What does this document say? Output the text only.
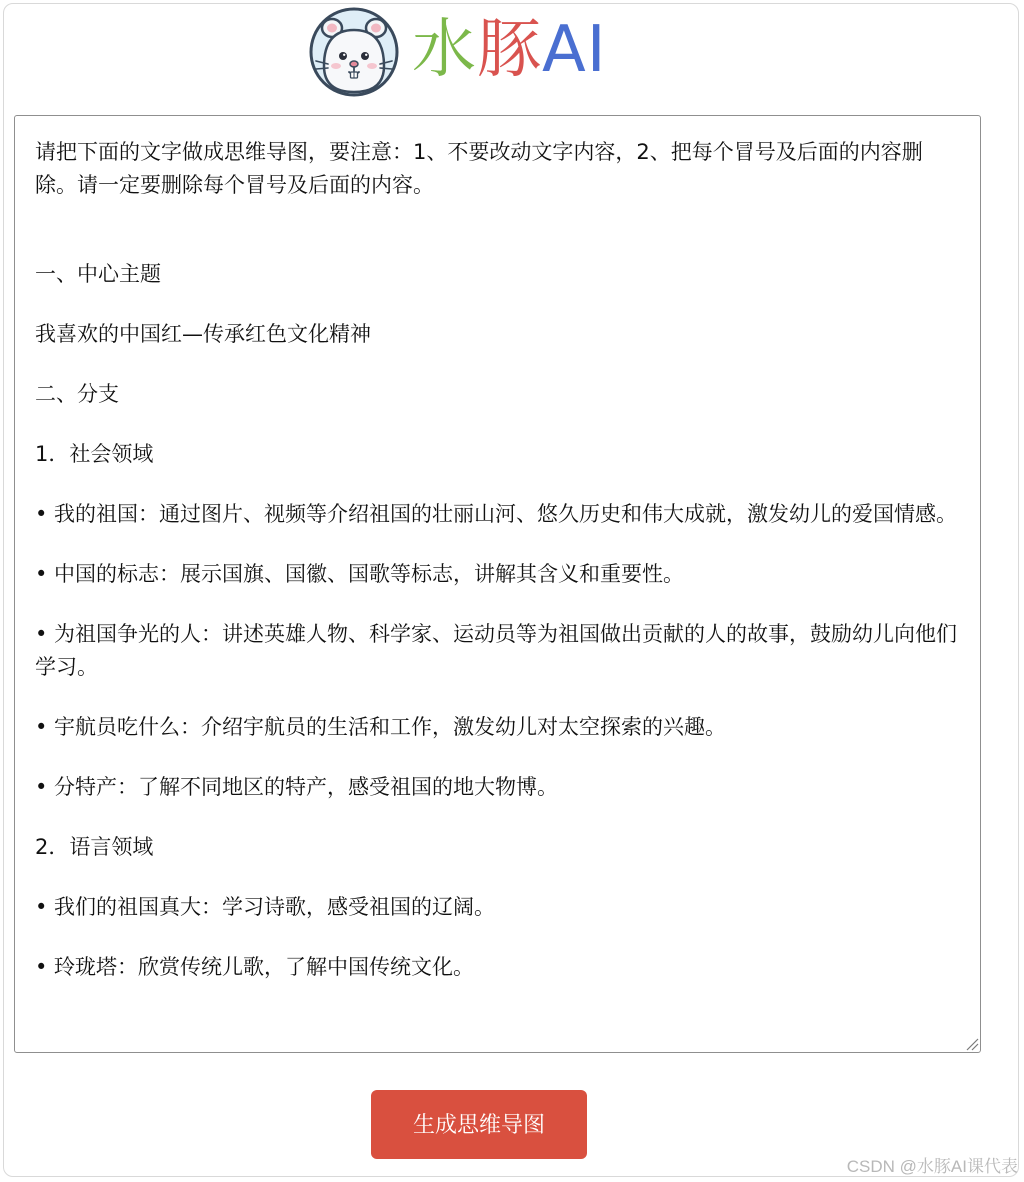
水豚AI

请把下面的文字做成思维导图，要注意：1、不要改动文字内容，2、把每个冒号及后面的内容删除。请一定要删除每个冒号及后面的内容。

一、中心主题

我喜欢的中国红—传承红色文化精神

二、分支

1．社会领域

• 我的祖国：通过图片、视频等介绍祖国的壮丽山河、悠久历史和伟大成就，激发幼儿的爱国情感。

• 中国的标志：展示国旗、国徽、国歌等标志，讲解其含义和重要性。

• 为祖国争光的人：讲述英雄人物、科学家、运动员等为祖国做出贡献的人的故事，鼓励幼儿向他们学习。

• 宇航员吃什么：介绍宇航员的生活和工作，激发幼儿对太空探索的兴趣。

• 分特产：了解不同地区的特产，感受祖国的地大物博。

2．语言领域

• 我们的祖国真大：学习诗歌，感受祖国的辽阔。

• 玲珑塔：欣赏传统儿歌，了解中国传统文化。

生成思维导图
CSDN @水豚AI课代表
